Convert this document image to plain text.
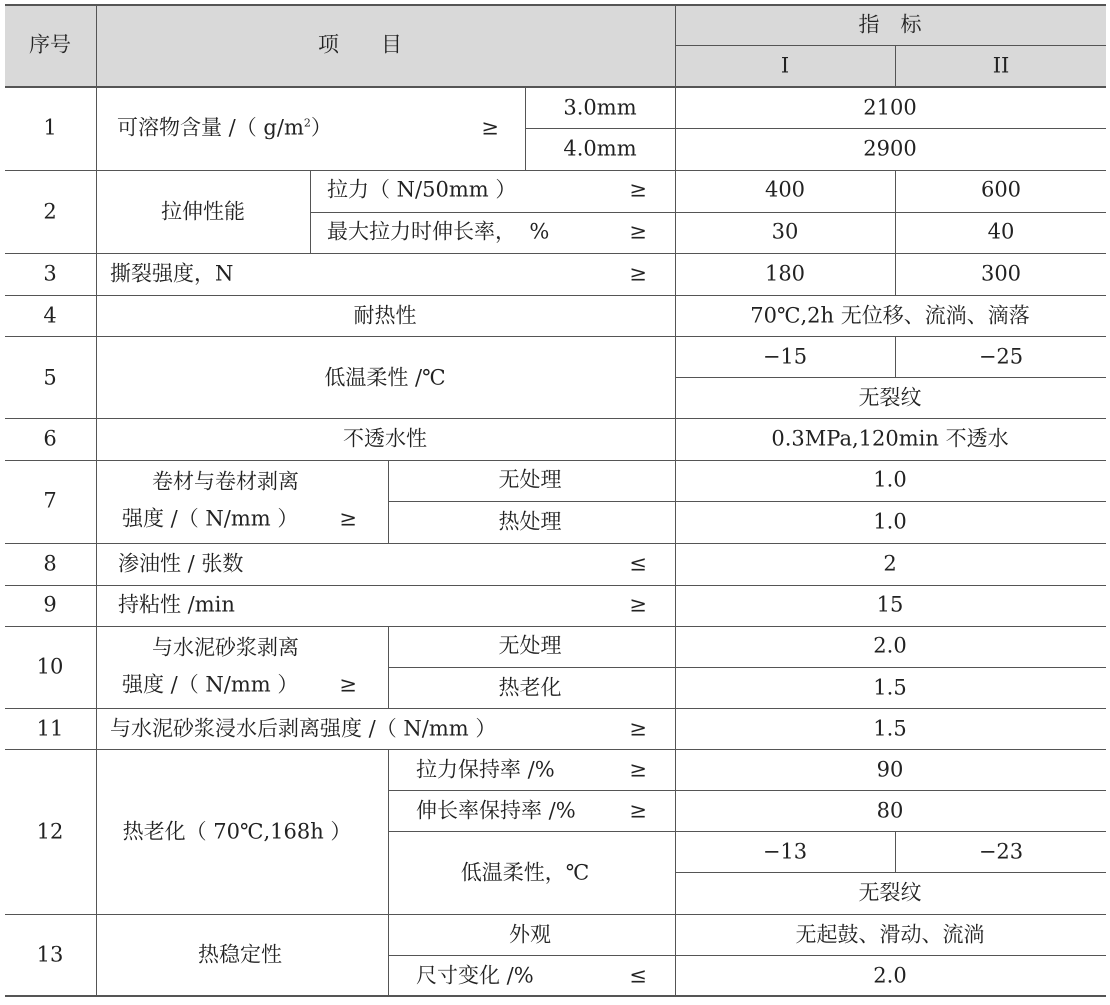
序号	项　　目
指　标
I	II
1	可溶物含量 /（ $g/m^2$）	≥
3.0mm	2100
4.0mm	2900
2	拉伸性能
拉力（ N/50mm ）	≥	400	600
最大拉力时伸长率，  %	≥	30	40
3	撕裂强度，N	≥	180	300
4	耐热性	70℃,2h 无位移、流淌、滴落
5	低温柔性 /℃
−15	−25
无裂纹
6	不透水性	0.3MPa,120min 不透水
7
卷材与卷材剥离
强度 /（ N/mm ） ≥
无处理	1.0
热处理	1.0
8	渗油性 / 张数	≤	2
9	持粘性 /min	≥	15
10
与水泥砂浆剥离
强度 /（ N/mm ） ≥
无处理	2.0
热老化	1.5
11 与水泥砂浆浸水后剥离强度 /（ N/mm ）	≥	1.5
12	热老化（ 70℃,168h ）
拉力保持率 /%	≥	90
伸长率保持率 /%	≥	80
低温柔性，℃
−13	−23
无裂纹
13	热稳定性
外观	无起鼓、滑动、流淌
尺寸变化 /%	≤	2.0
